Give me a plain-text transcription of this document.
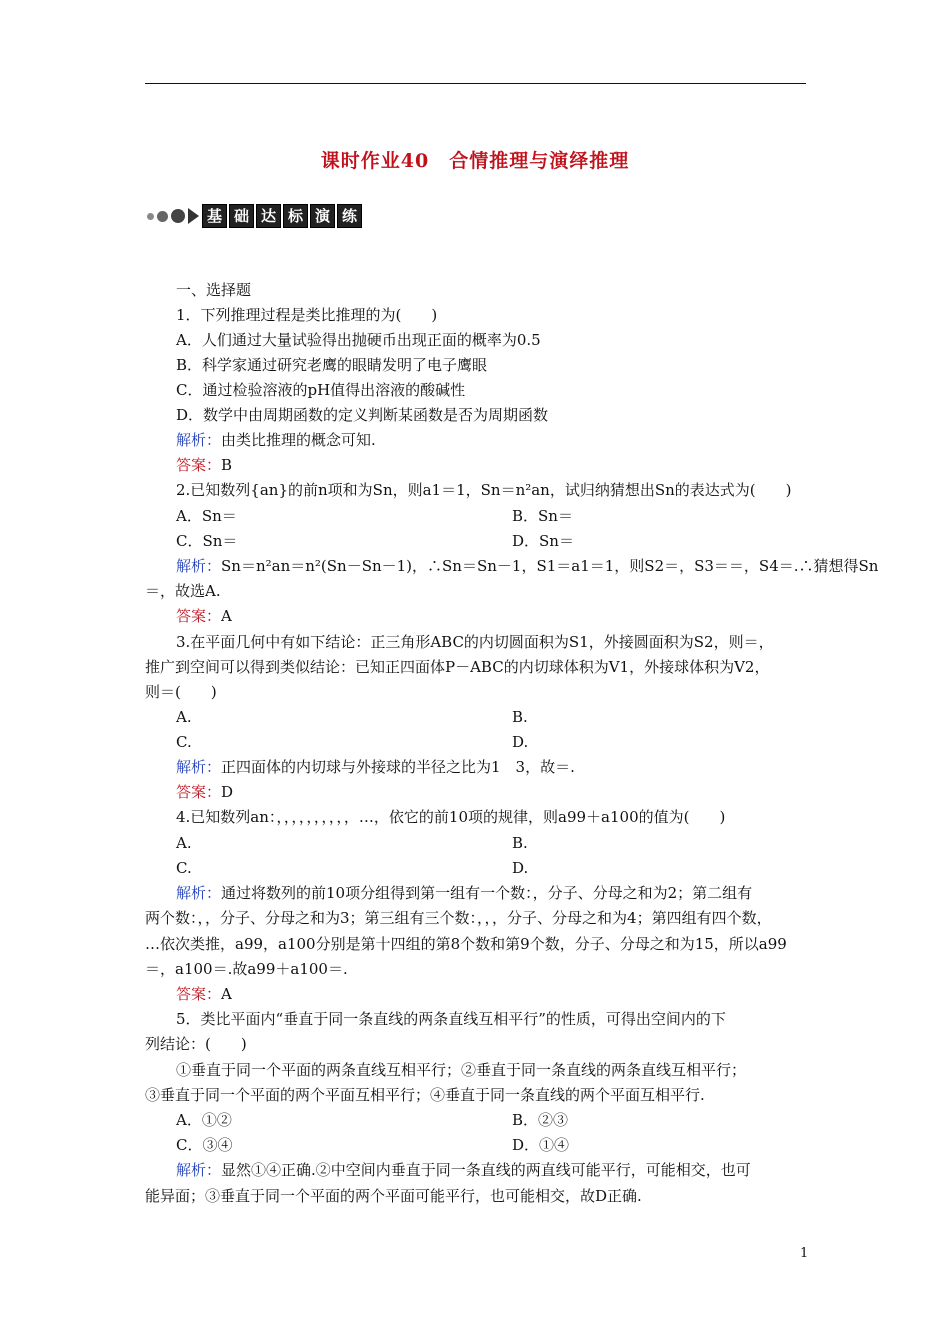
课时作业40　合情推理与演绎推理
基 础 达 标 演 练
一、选择题
1．下列推理过程是类比推理的为(　　)
A．人们通过大量试验得出抛硬币出现正面的概率为0.5
B．科学家通过研究老鹰的眼睛发明了电子鹰眼
C．通过检验溶液的pH值得出溶液的酸碱性
D．数学中由周期函数的定义判断某函数是否为周期函数
解析：由类比推理的概念可知.
答案：B
2.已知数列{an}的前n项和为Sn，则a1＝1，Sn＝n²an，试归纳猜想出Sn的表达式为(　　)
A．Sn＝	B．Sn＝
C．Sn＝	D．Sn＝
解析：Sn＝n²an＝n²(Sn－Sn－1)，∴Sn＝Sn－1，S1＝a1＝1，则S2＝，S3＝＝，S4＝.∴猜想得Sn
＝，故选A.
答案：A
3.在平面几何中有如下结论：正三角形ABC的内切圆面积为S1，外接圆面积为S2，则＝，
推广到空间可以得到类似结论：已知正四面体P－ABC的内切球体积为V1，外接球体积为V2，
则＝(　　)
A.	B.
C.	D.
解析：正四面体的内切球与外接球的半径之比为1　3，故＝.
答案：D
4.已知数列an：，，，，，，，，，，…，依它的前10项的规律，则a99＋a100的值为(　　)
A.	B.
C.	D.
解析：通过将数列的前10项分组得到第一组有一个数：，分子、分母之和为2；第二组有
两个数：，，分子、分母之和为3；第三组有三个数：，，，分子、分母之和为4；第四组有四个数，
…依次类推，a99，a100分别是第十四组的第8个数和第9个数，分子、分母之和为15，所以a99
＝，a100＝.故a99＋a100＝.
答案：A
5．类比平面内“垂直于同一条直线的两条直线互相平行”的性质，可得出空间内的下
列结论：(　　)
①垂直于同一个平面的两条直线互相平行；②垂直于同一条直线的两条直线互相平行；
③垂直于同一个平面的两个平面互相平行；④垂直于同一条直线的两个平面互相平行.
A．①②	B．②③
C．③④	D．①④
解析：显然①④正确.②中空间内垂直于同一条直线的两直线可能平行，可能相交，也可
能异面；③垂直于同一个平面的两个平面可能平行，也可能相交，故D正确.
1
